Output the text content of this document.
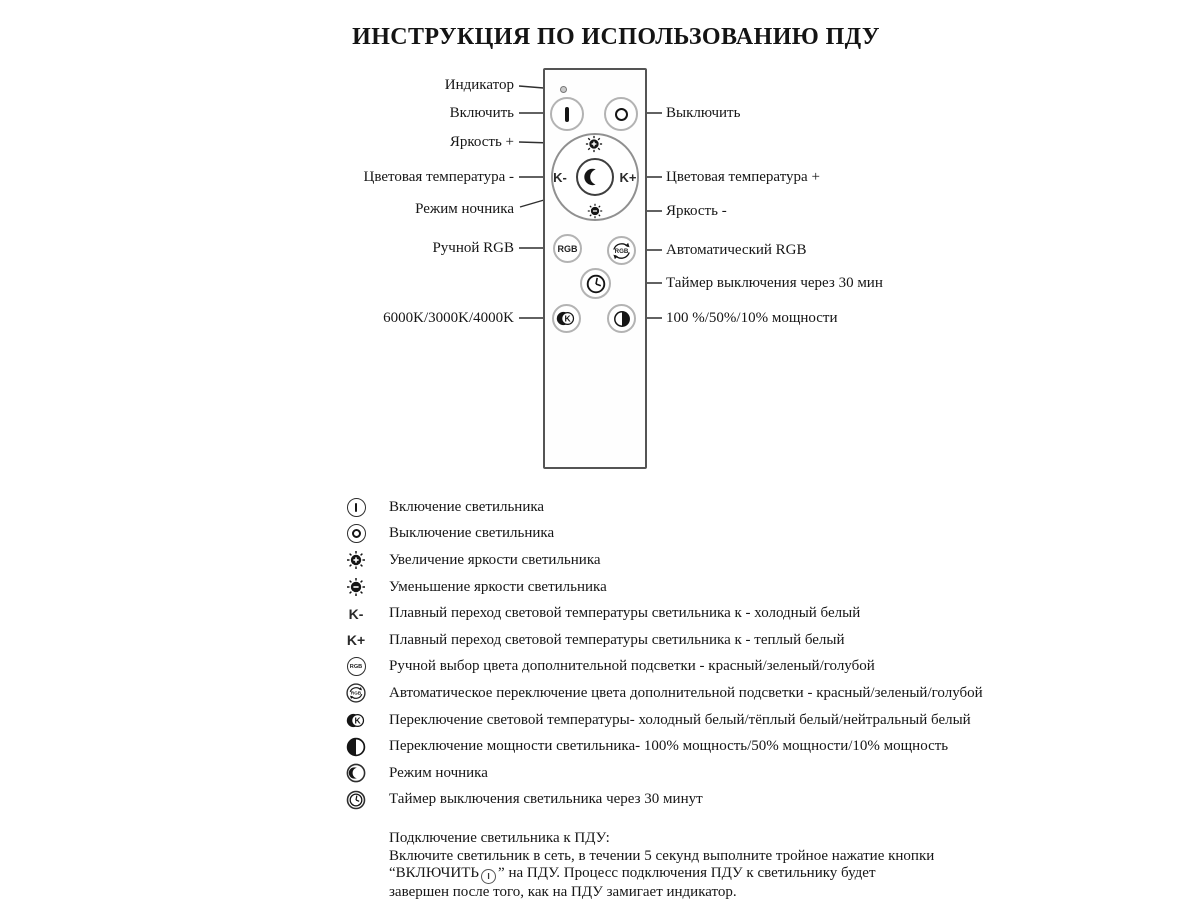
ИНСТРУКЦИЯ ПО ИСПОЛЬЗОВАНИЮ ПДУ
K-	K+
RGB	RGB
K
Индикатор
Включить
Яркость +
Цветовая температура -
Режим ночника
Ручной RGB
6000K/3000K/4000K
Выключить
Цветовая температура +
Яркость -
Автоматический RGB
Таймер выключения через 30 мин
100 %/50%/10% мощности
Включение светильника
Выключение светильника
Увеличение яркости светильника
Уменьшение яркости светильника
K- Плавный переход световой температуры светильника к - холодный белый
K+ Плавный переход световой температуры светильника к - теплый белый
RGB Ручной выбор цвета дополнительной подсветки - красный/зеленый/голубой
RGB Автоматическое переключение цвета дополнительной подсветки - красный/зеленый/голубой
K Переключение световой температуры- холодный белый/тёплый белый/нейтральный белый
Переключение мощности светильника- 100% мощность/50% мощности/10% мощность
Режим ночника
Таймер выключения светильника через 30 минут
Подключение светильника к ПДУ:
Включите светильник в сеть, в течении 5 секунд выполните тройное нажатие кнопки
“ВКЛЮЧИТЬ I ” на ПДУ. Процесс подключения ПДУ к светильнику будет
завершен после того, как на ПДУ замигает индикатор.
